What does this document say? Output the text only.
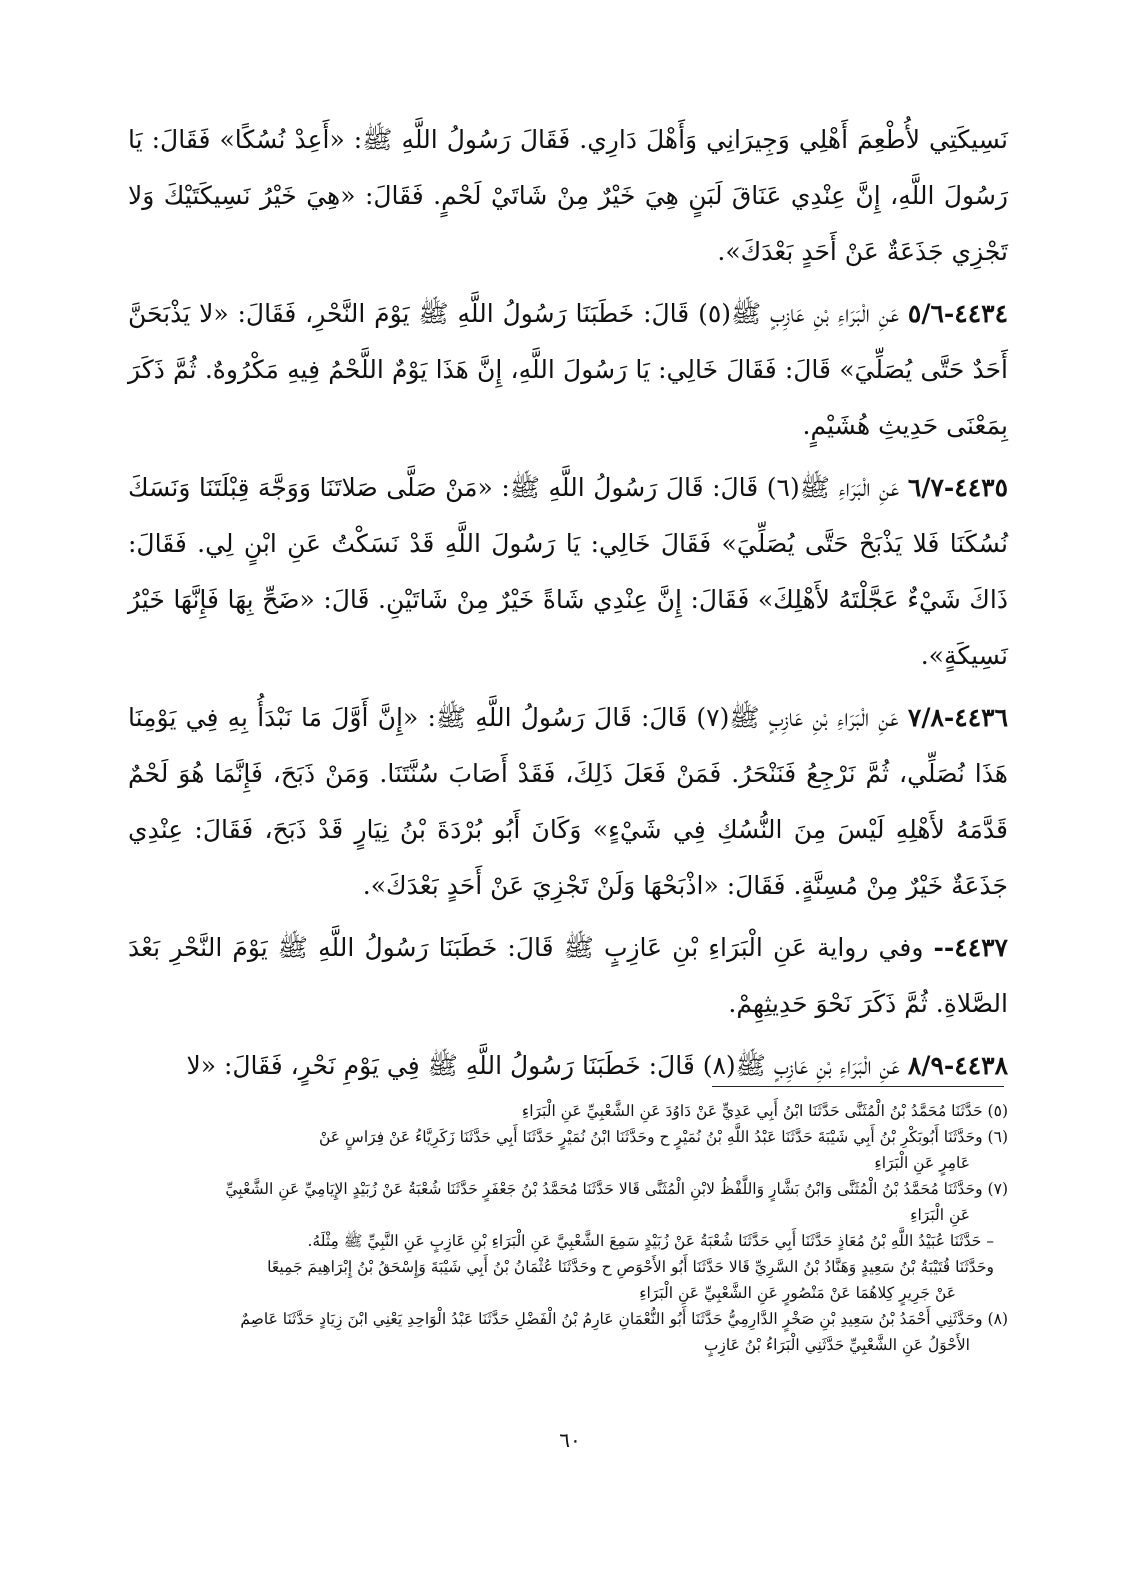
نَسِيكَتِي لأُطْعِمَ أَهْلِي وَجِيرَانِي وَأَهْلَ دَارِي. فَقَالَ رَسُولُ اللَّهِ ﷺ: «أَعِدْ نُسُكًا» فَقَالَ: يَا رَسُولَ اللَّهِ، إِنَّ عِنْدِي عَنَاقَ لَبَنٍ هِيَ خَيْرٌ مِنْ شَاتَيْ لَحْمٍ. فَقَالَ: «هِيَ خَيْرُ نَسِيكَتَيْكَ وَلا تَجْزِي جَذَعَةٌ عَنْ أَحَدٍ بَعْدَكَ».

٤٤٣٤-٥/٦ عَنِ الْبَرَاءِ بْنِ عَازِبٍ ﷺ(٥) قَالَ: خَطَبَنَا رَسُولُ اللَّهِ ﷺ يَوْمَ النَّحْرِ، فَقَالَ: «لا يَذْبَحَنَّ أَحَدٌ حَتَّى يُصَلِّيَ» قَالَ: فَقَالَ خَالِي: يَا رَسُولَ اللَّهِ، إِنَّ هَذَا يَوْمٌ اللَّحْمُ فِيهِ مَكْرُوهٌ. ثُمَّ ذَكَرَ بِمَعْنَى حَدِيثِ هُشَيْمٍ.

٤٤٣٥-٦/٧ عَنِ الْبَرَاءِ ﷺ(٦) قَالَ: قَالَ رَسُولُ اللَّهِ ﷺ: «مَنْ صَلَّى صَلاتَنَا وَوَجَّهَ قِبْلَتَنَا وَنَسَكَ نُسُكَنَا فَلا يَذْبَحْ حَتَّى يُصَلِّيَ» فَقَالَ خَالِي: يَا رَسُولَ اللَّهِ قَدْ نَسَكْتُ عَنِ ابْنٍ لِي. فَقَالَ: ذَاكَ شَيْءٌ عَجَّلْتَهُ لأَهْلِكَ» فَقَالَ: إِنَّ عِنْدِي شَاةً خَيْرٌ مِنْ شَاتَيْنِ. قَالَ: «ضَحِّ بِهَا فَإِنَّهَا خَيْرُ نَسِيكَةٍ».

٤٤٣٦-٧/٨ عَنِ الْبَرَاءِ بْنِ عَازِبٍ ﷺ(٧) قَالَ: قَالَ رَسُولُ اللَّهِ ﷺ: «إِنَّ أَوَّلَ مَا نَبْدَأُ بِهِ فِي يَوْمِنَا هَذَا نُصَلِّي، ثُمَّ نَرْجِعُ فَنَنْحَرُ. فَمَنْ فَعَلَ ذَلِكَ، فَقَدْ أَصَابَ سُنَّتَنَا. وَمَنْ ذَبَحَ، فَإِنَّمَا هُوَ لَحْمٌ قَدَّمَهُ لأَهْلِهِ لَيْسَ مِنَ النُّسُكِ فِي شَيْءٍ» وَكَانَ أَبُو بُرْدَةَ بْنُ نِيَارٍ قَدْ ذَبَحَ، فَقَالَ: عِنْدِي جَذَعَةٌ خَيْرٌ مِنْ مُسِنَّةٍ. فَقَالَ: «اذْبَحْهَا وَلَنْ تَجْزِيَ عَنْ أَحَدٍ بَعْدَكَ».

٤٤٣٧-- وفي رواية عَنِ الْبَرَاءِ بْنِ عَازِبٍ ﷺ قَالَ: خَطَبَنَا رَسُولُ اللَّهِ ﷺ يَوْمَ النَّحْرِ بَعْدَ الصَّلاةِ. ثُمَّ ذَكَرَ نَحْوَ حَدِيثِهِمْ.

٤٤٣٨-٨/٩ عَنِ الْبَرَاءِ بْنِ عَازِبٍ ﷺ(٨) قَالَ: خَطَبَنَا رَسُولُ اللَّهِ ﷺ فِي يَوْمِ نَحْرٍ، فَقَالَ: «لا

(٥) حَدَّثَنَا مُحَمَّدُ بْنُ الْمُثَنَّى حَدَّثَنَا ابْنُ أَبِي عَدِيٍّ عَنْ دَاوُدَ عَنِ الشَّعْبِيِّ عَنِ الْبَرَاءِ

(٦) وحَدَّثَنَا أَبُوبَكْرِ بْنُ أَبِي شَيْبَةَ حَدَّثَنَا عَبْدُ اللَّهِ بْنُ نُمَيْرٍ ح وحَدَّثَنَا ابْنُ نُمَيْرٍ حَدَّثَنَا أَبِي حَدَّثَنَا زَكَرِيَّاءُ عَنْ فِرَاسٍ عَنْ
عَامِرٍ عَنِ الْبَرَاءِ

(٧) وحَدَّثَنَا مُحَمَّدُ بْنُ الْمُثَنَّى وَابْنُ بَشَّارٍ وَاللَّفْظُ لابْنِ الْمُثَنَّى قَالا حَدَّثَنَا مُحَمَّدُ بْنُ جَعْفَرٍ حَدَّثَنَا شُعْبَةُ عَنْ زُبَيْدٍ الإِيَامِيِّ عَنِ الشَّعْبِيِّ
عَنِ الْبَرَاءِ

– حَدَّثَنَا عُبَيْدُ اللَّهِ بْنُ مُعَاذٍ حَدَّثَنَا أَبِي حَدَّثَنَا شُعْبَةُ عَنْ زُبَيْدٍ سَمِعَ الشَّعْبِيَّ عَنِ الْبَرَاءِ بْنِ عَازِبٍ عَنِ النَّبِيِّ ﷺ مِثْلَهُ.

وحَدَّثَنَا قُتَيْبَةُ بْنُ سَعِيدٍ وَهَنَّادُ بْنُ السَّرِيِّ قَالا حَدَّثَنَا أَبُو الأَحْوَصِ ح وحَدَّثَنَا عُثْمَانُ بْنُ أَبِي شَيْبَةَ وَإِسْحَقُ بْنُ إِبْرَاهِيمَ جَمِيعًا
عَنْ جَرِيرٍ كِلاهُمَا عَنْ مَنْصُورٍ عَنِ الشَّعْبِيِّ عَنِ الْبَرَاءِ

(٨) وحَدَّثَنِي أَحْمَدُ بْنُ سَعِيدِ بْنِ صَخْرٍ الدَّارِمِيُّ حَدَّثَنَا أَبُو النُّعْمَانِ عَارِمُ بْنُ الْفَضْلِ حَدَّثَنَا عَبْدُ الْوَاحِدِ يَعْنِي ابْنَ زِيَادٍ حَدَّثَنَا عَاصِمٌ
الأَحْوَلُ عَنِ الشَّعْبِيِّ حَدَّثَنِي الْبَرَاءُ بْنُ عَازِبٍ

٦٠
